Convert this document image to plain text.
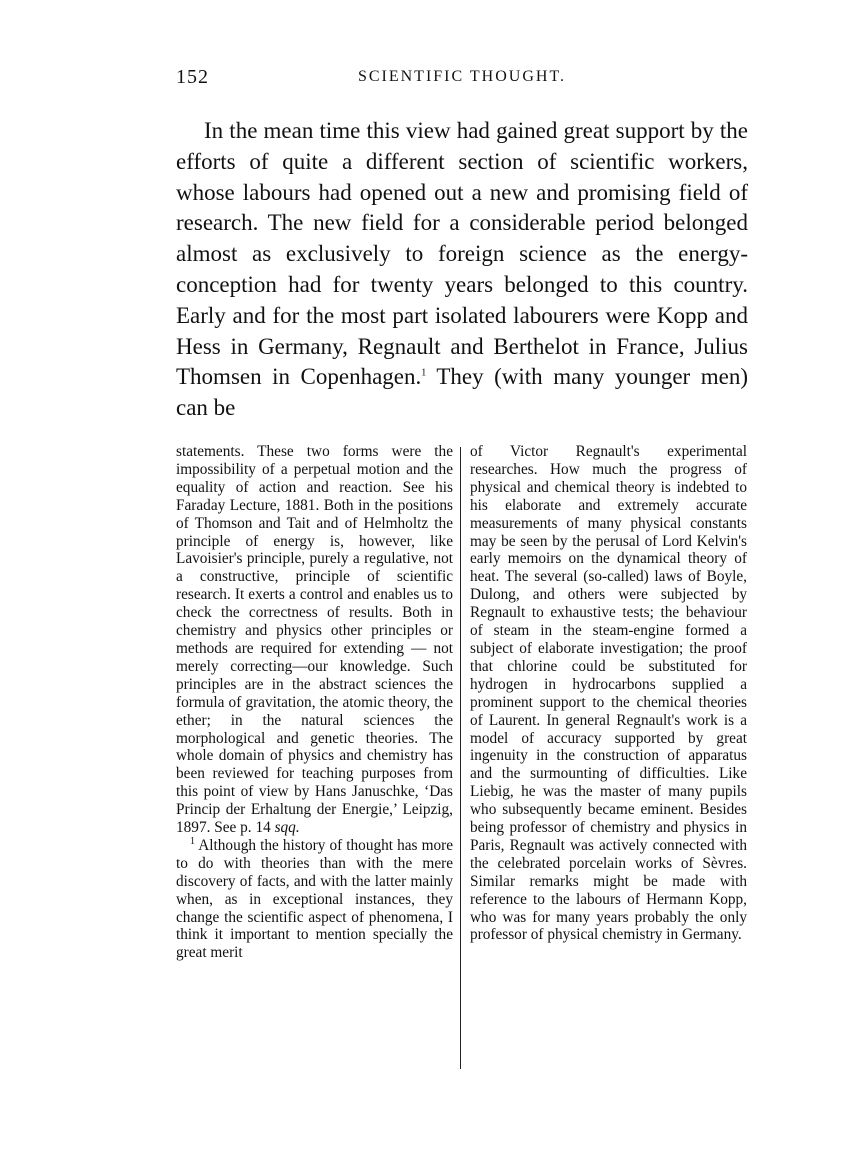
152	SCIENTIFIC THOUGHT.

In the mean time this view had gained great support by the efforts of quite a different section of scientific workers, whose labours had opened out a new and promising field of research. The new field for a considerable period belonged almost as exclusively to foreign science as the energy-conception had for twenty years belonged to this country. Early and for the most part isolated labourers were Kopp and Hess in Germany, Regnault and Berthelot in France, Julius Thomsen in Copenhagen.$^1$ They (with many younger men) can be

statements. These two forms were the impossibility of a perpetual motion and the equality of action and reaction. See his Faraday Lecture, 1881. Both in the positions of Thomson and Tait and of Helmholtz the principle of energy is, however, like Lavoisier's principle, purely a regulative, not a constructive, principle of scientific research. It exerts a control and enables us to check the correctness of results. Both in chemistry and physics other principles or methods are required for extending — not merely correcting—our knowledge. Such principles are in the abstract sciences the formula of gravitation, the atomic theory, the ether; in the natural sciences the morphological and genetic theories. The whole domain of physics and chemistry has been reviewed for teaching purposes from this point of view by Hans Januschke, ‘Das Princip der Erhaltung der Energie,’ Leipzig, 1897. See p. 14 sqq.

$^1$ Although the history of thought has more to do with theories than with the mere discovery of facts, and with the latter mainly when, as in exceptional instances, they change the scientific aspect of phenomena, I think it important to mention specially the great merit

of Victor Regnault's experimental researches. How much the progress of physical and chemical theory is indebted to his elaborate and extremely accurate measurements of many physical constants may be seen by the perusal of Lord Kelvin's early memoirs on the dynamical theory of heat. The several (so-called) laws of Boyle, Dulong, and others were subjected by Regnault to exhaustive tests; the behaviour of steam in the steam-engine formed a subject of elaborate investigation; the proof that chlorine could be substituted for hydrogen in hydrocarbons supplied a prominent support to the chemical theories of Laurent. In general Regnault's work is a model of accuracy supported by great ingenuity in the construction of apparatus and the surmounting of difficulties. Like Liebig, he was the master of many pupils who subsequently became eminent. Besides being professor of chemistry and physics in Paris, Regnault was actively connected with the celebrated porcelain works of Sèvres. Similar remarks might be made with reference to the labours of Hermann Kopp, who was for many years probably the only professor of physical chemistry in Germany.
